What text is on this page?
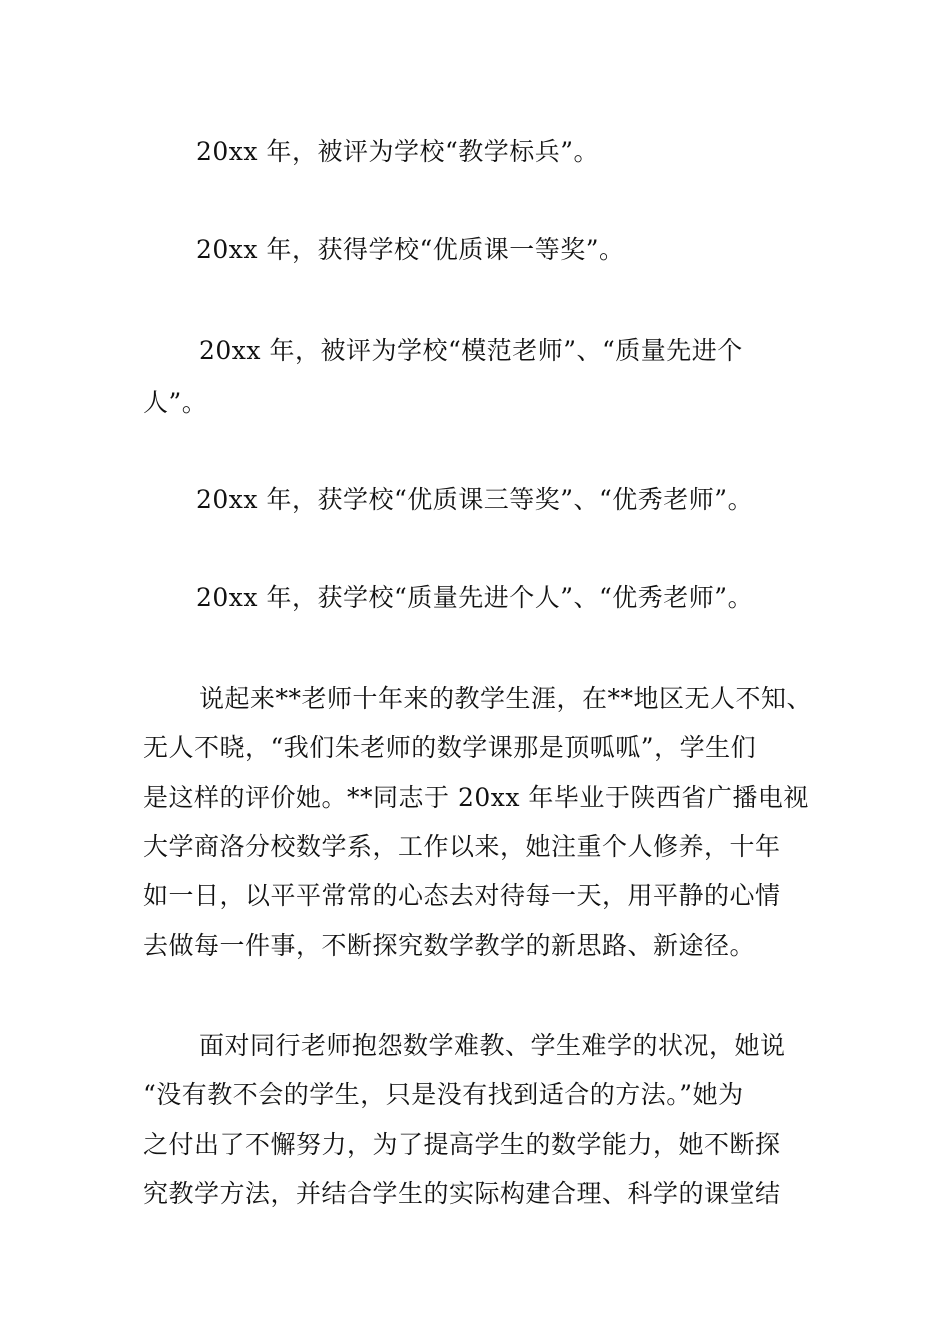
20xx 年，被评为学校“教学标兵”。
20xx 年，获得学校“优质课一等奖”。
20xx 年，被评为学校“模范老师”、“质量先进个
人”。
20xx 年，获学校“优质课三等奖”、“优秀老师”。
20xx 年，获学校“质量先进个人”、“优秀老师”。
说起来**老师十年来的教学生涯，在**地区无人不知、
无人不晓，“我们朱老师的数学课那是顶呱呱”，学生们
是这样的评价她。**同志于 20xx 年毕业于陕西省广播电视
大学商洛分校数学系，工作以来，她注重个人修养，十年
如一日，以平平常常的心态去对待每一天，用平静的心情
去做每一件事，不断探究数学教学的新思路、新途径。
面对同行老师抱怨数学难教、学生难学的状况，她说
“没有教不会的学生，只是没有找到适合的方法。”她为
之付出了不懈努力，为了提高学生的数学能力，她不断探
究教学方法，并结合学生的实际构建合理、科学的课堂结
